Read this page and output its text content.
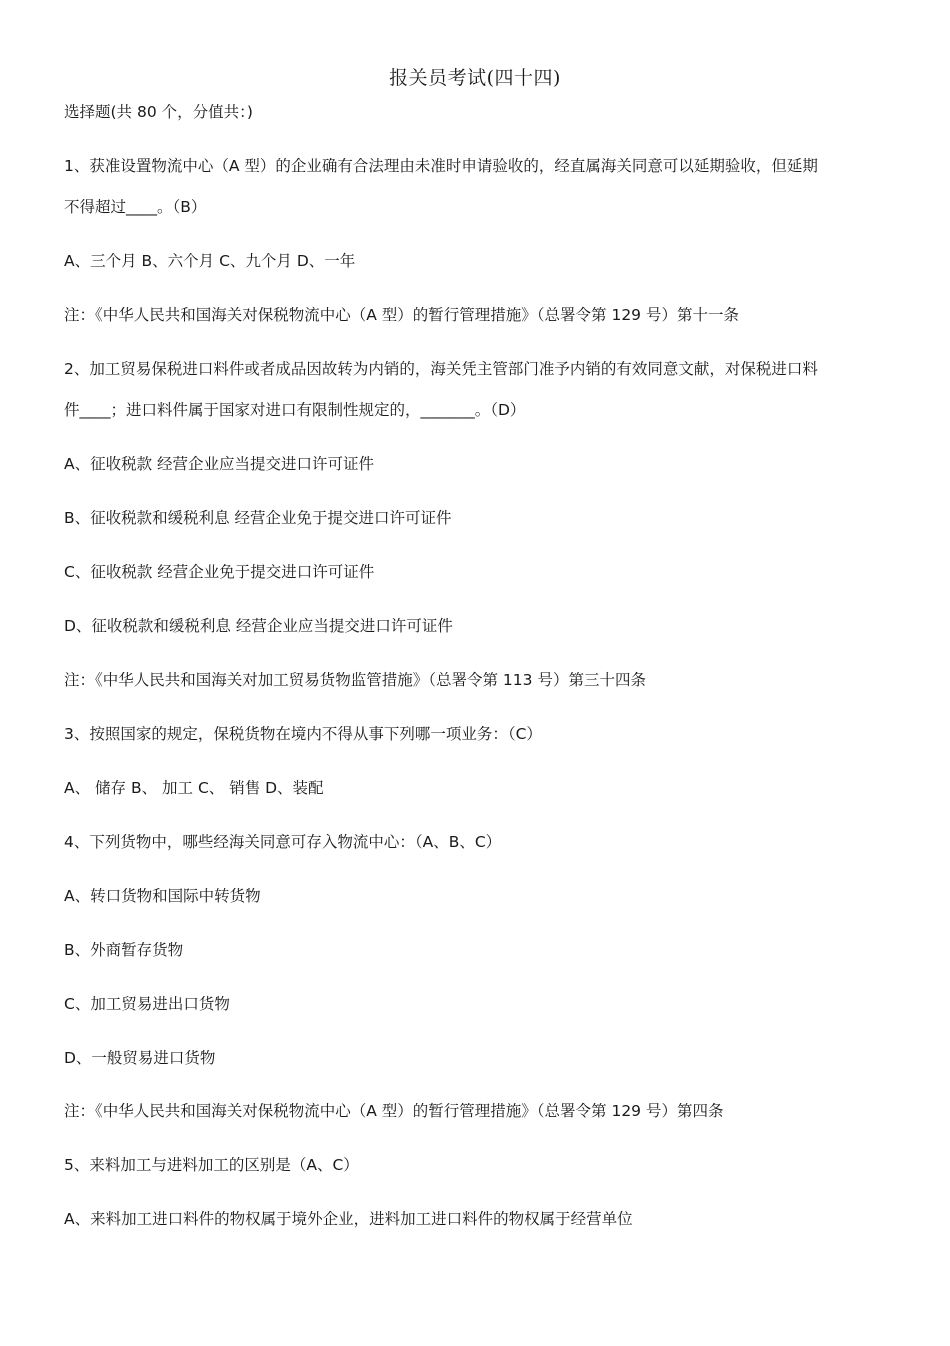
报关员考试(四十四)
选择题(共 80 个，分值共：)
1、获准设置物流中心（A 型）的企业确有合法理由未准时申请验收的，经直属海关同意可以延期验收，但延期
不得超过____。（B）
A、三个月 B、六个月 C、九个月 D、一年
注：《中华人民共和国海关对保税物流中心（A 型）的暂行管理措施》（总署令第 129 号）第十一条
2、加工贸易保税进口料件或者成品因故转为内销的，海关凭主管部门准予内销的有效同意文献，对保税进口料
件____；进口料件属于国家对进口有限制性规定的，_______。（D）
A、征收税款 经营企业应当提交进口许可证件
B、征收税款和缓税利息 经营企业免于提交进口许可证件
C、征收税款 经营企业免于提交进口许可证件
D、征收税款和缓税利息 经营企业应当提交进口许可证件
注：《中华人民共和国海关对加工贸易货物监管措施》（总署令第 113 号）第三十四条
3、按照国家的规定，保税货物在境内不得从事下列哪一项业务：（C）
A、 储存 B、 加工 C、 销售 D、装配
4、下列货物中，哪些经海关同意可存入物流中心：（A、B、C）
A、转口货物和国际中转货物
B、外商暂存货物
C、加工贸易进出口货物
D、一般贸易进口货物
注：《中华人民共和国海关对保税物流中心（A 型）的暂行管理措施》（总署令第 129 号）第四条
5、来料加工与进料加工的区别是（A、C）
A、来料加工进口料件的物权属于境外企业，进料加工进口料件的物权属于经营单位
